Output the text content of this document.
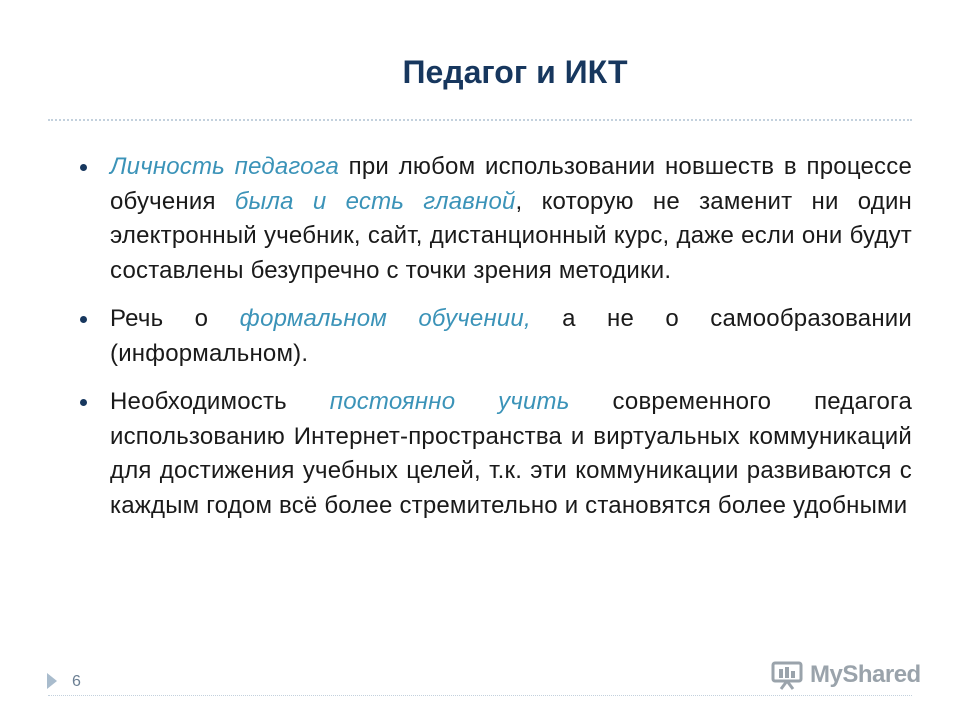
Педагог и ИКТ
Личность педагога при любом использовании новшеств в процессе обучения была и есть главной, которую не заменит ни один электронный учебник, сайт, дистанционный курс, даже если они будут составлены безупречно с точки зрения методики.
Речь о формальном обучении, а не о самообразовании (информальном).
Необходимость постоянно учить современного педагога использованию Интернет-пространства и виртуальных коммуникаций для достижения учебных целей, т.к. эти коммуникации развиваются с каждым годом всё более стремительно и становятся более удобными
6	MyShared
